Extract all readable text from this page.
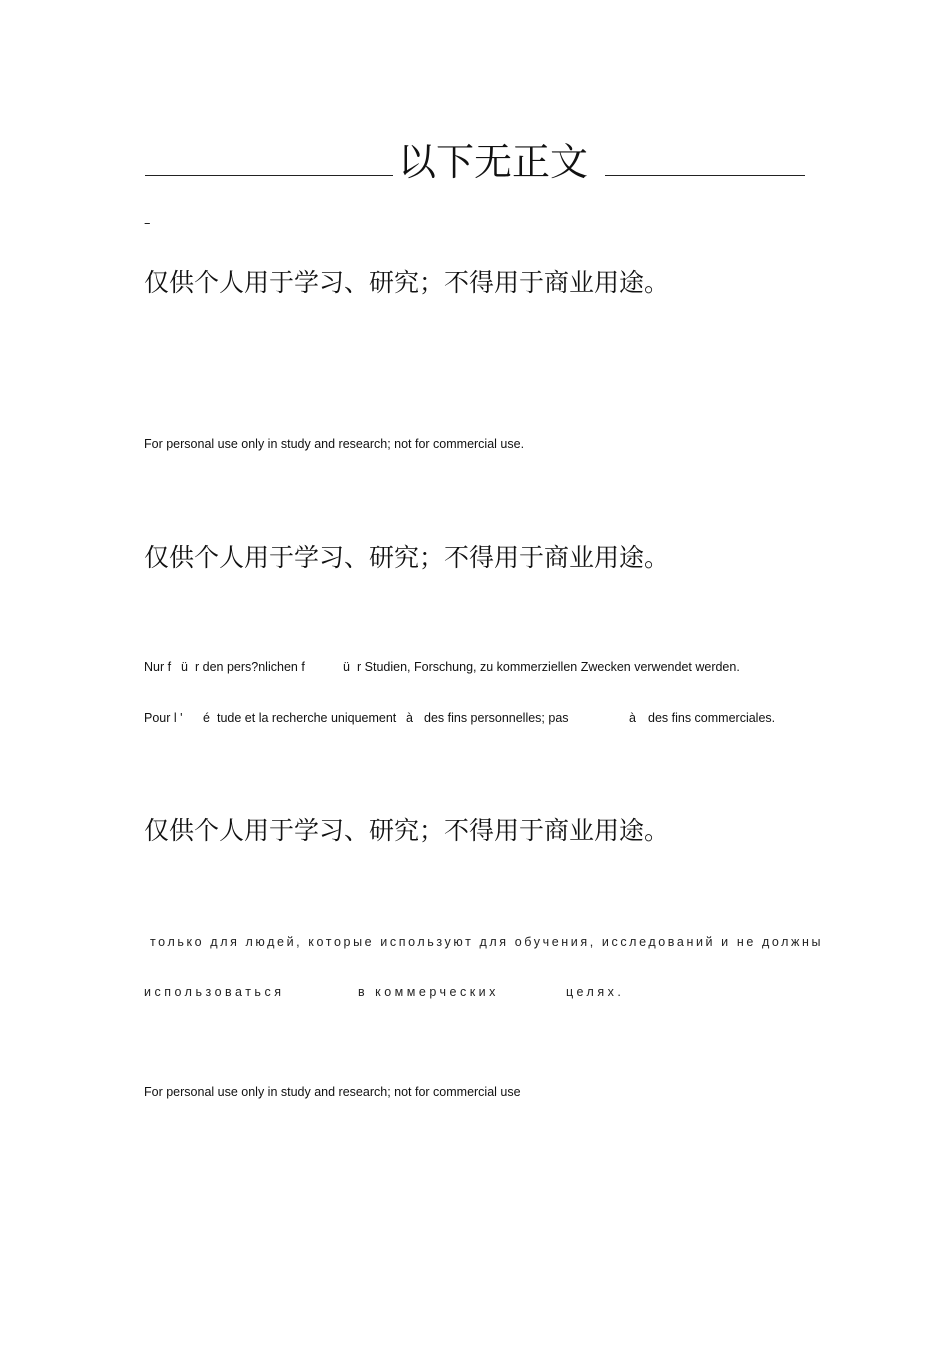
以下无正文
–
仅供个人用于学习、研究；不得用于商业用途。
For personal use only in study and research; not for commercial use.
仅供个人用于学习、研究；不得用于商业用途。
Nur f ü r den pers?nlichen f	ü r Studien, Forschung, zu kommerziellen Zwecken verwendet werden.
Pour l ' é tude et la recherche uniquement à des fins personnelles; pas	à des fins commerciales.
仅供个人用于学习、研究；不得用于商业用途。
только для людей, которые используют для обучения, исследований и не должны
использоваться	в коммерческих	целях.
For personal use only in study and research; not for commercial use
